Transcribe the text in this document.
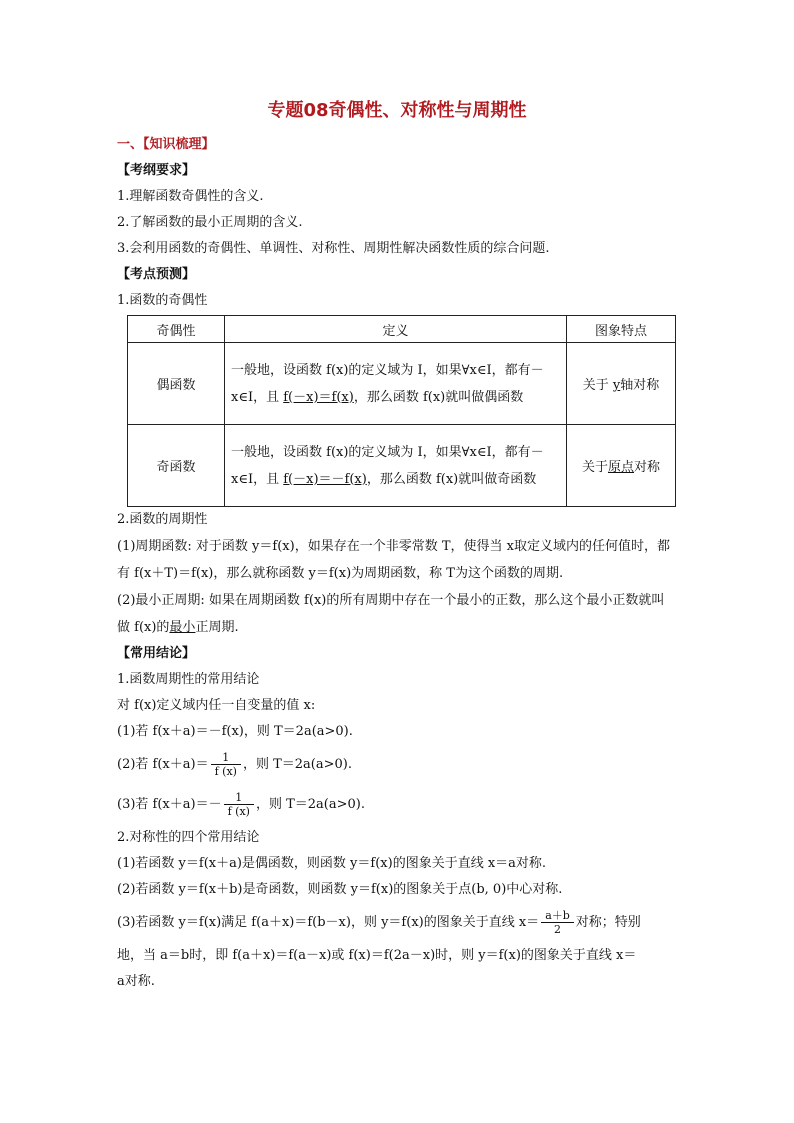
专题08奇偶性、对称性与周期性
一、【知识梳理】
【考纲要求】
1.理解函数奇偶性的含义.
2.了解函数的最小正周期的含义.
3.会利用函数的奇偶性、单调性、对称性、周期性解决函数性质的综合问题.
【考点预测】
1.函数的奇偶性
奇偶性	定义	图象特点
偶函数	一般地，设函数 f(x)的定义域为 I，如果∀x∈I，都有－x∈I，且 f(－x)＝f(x)，那么函数 f(x)就叫做偶函数	关于 y轴对称
奇函数	一般地，设函数 f(x)的定义域为 I，如果∀x∈I，都有－x∈I，且 f(－x)＝－f(x)，那么函数 f(x)就叫做奇函数	关于原点对称
2.函数的周期性
(1)周期函数: 对于函数 y＝f(x)，如果存在一个非零常数 T，使得当 x取定义域内的任何值时，都有 f(x＋T)＝f(x)，那么就称函数 y＝f(x)为周期函数，称 T为这个函数的周期.
(2)最小正周期: 如果在周期函数 f(x)的所有周期中存在一个最小的正数，那么这个最小正数就叫做 f(x)的最小正周期.
【常用结论】
1.函数周期性的常用结论
对 f(x)定义域内任一自变量的值 x:
(1)若 f(x＋a)＝－f(x)，则 T＝2a(a>0).
(2)若 $f(x+a)= \frac{1}{f (x)}$ ，则 T＝2a(a>0).
(3)若 $f(x+a)=- \frac{1}{f (x)}$ ，则 T＝2a(a>0).
2.对称性的四个常用结论
(1)若函数 y＝f(x＋a)是偶函数，则函数 y＝f(x)的图象关于直线 x＝a对称.
(2)若函数 y＝f(x＋b)是奇函数，则函数 y＝f(x)的图象关于点(b, 0)中心对称.
(3)若函数 y＝f(x)满足 f(a＋x)＝f(b－x)，则 y＝f(x)的图象关于直线 $x= \frac{a+b}{2}$ 对称；特别
地，当 a＝b时，即 f(a＋x)＝f(a－x)或 f(x)＝f(2a－x)时，则 y＝f(x)的图象关于直线 x＝
a对称.
